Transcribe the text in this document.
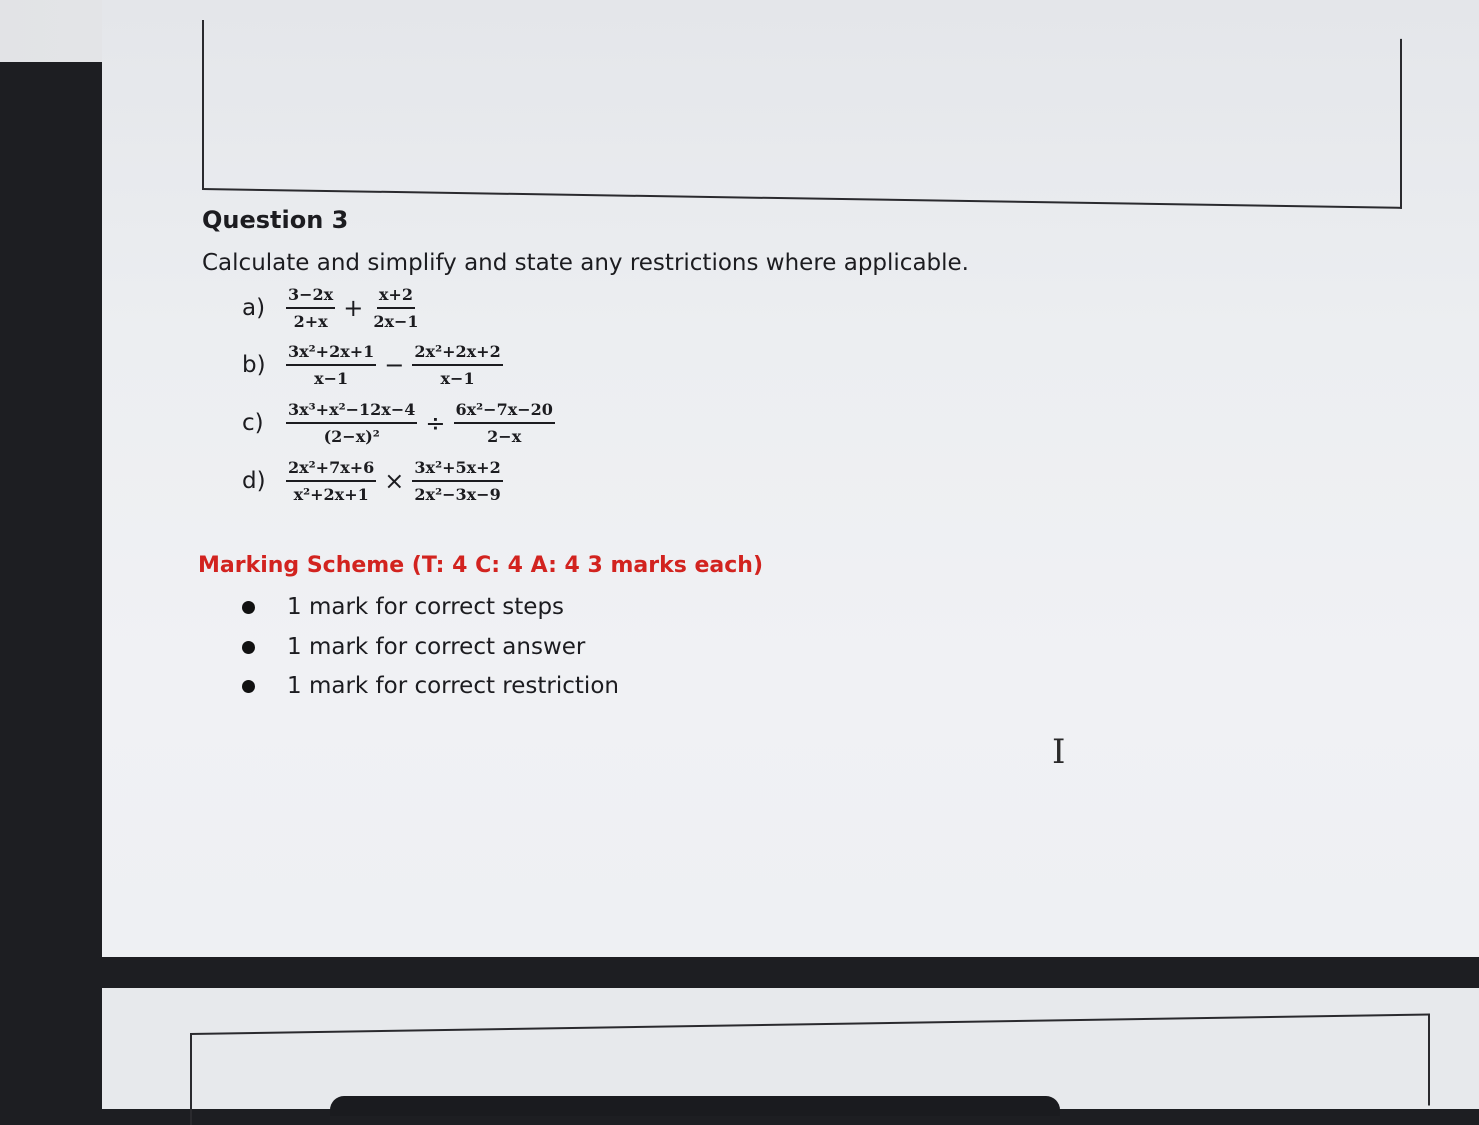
Question 3
Calculate and simplify and state any restrictions where applicable.
a)	$\frac{3-2x}{2+x} + \frac{x+2}{2x-1}$
b)	$\frac{\text{3x²+2x+1}}{x-1} - \frac{\text{2x²+2x+2}}{x-1}$
c)	$\frac{\text{3x³+x²−12x−4}}{\text{(2−x)²}} \div \frac{\text{6x²−7x−20}}{2-x}$
d)	$\frac{\text{2x²+7x+6}}{\text{x²+2x+1}} \times \frac{\text{3x²+5x+2}}{\text{2x²−3x−9}}$
Marking Scheme (T: 4 C: 4 A: 4 3 marks each)
1 mark for correct steps
1 mark for correct answer
1 mark for correct restriction
I
